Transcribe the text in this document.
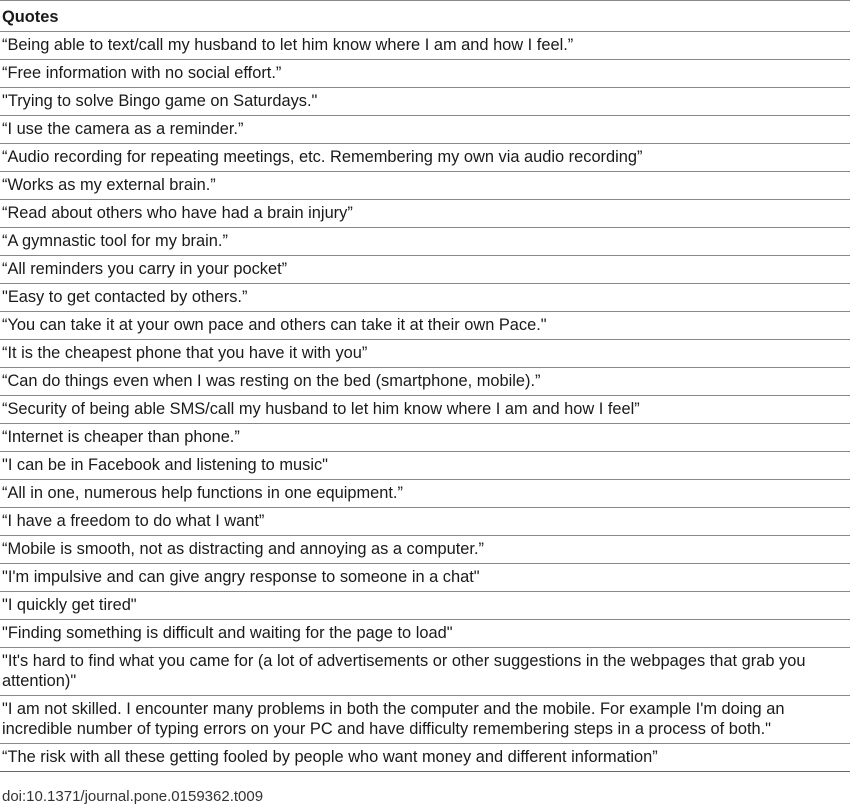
Quotes
“Being able to text/call my husband to let him know where I am and how I feel.”
“Free information with no social effort.”
"Trying to solve Bingo game on Saturdays."
“I use the camera as a reminder.”
“Audio recording for repeating meetings, etc. Remembering my own via audio recording”
“Works as my external brain.”
“Read about others who have had a brain injury”
“A gymnastic tool for my brain.”
“All reminders you carry in your pocket”
"Easy to get contacted by others.”
“You can take it at your own pace and others can take it at their own Pace."
“It is the cheapest phone that you have it with you”
“Can do things even when I was resting on the bed (smartphone, mobile).”
“Security of being able SMS/call my husband to let him know where I am and how I feel”
“Internet is cheaper than phone.”
"I can be in Facebook and listening to music"
“All in one, numerous help functions in one equipment.”
“I have a freedom to do what I want”
“Mobile is smooth, not as distracting and annoying as a computer.”
"I'm impulsive and can give angry response to someone in a chat"
"I quickly get tired"
"Finding something is difficult and waiting for the page to load"
"It's hard to find what you came for (a lot of advertisements or other suggestions in the webpages that grab you attention)"
"I am not skilled. I encounter many problems in both the computer and the mobile. For example I'm doing an incredible number of typing errors on your PC and have difficulty remembering steps in a process of both."
“The risk with all these getting fooled by people who want money and different information”
doi:10.1371/journal.pone.0159362.t009
